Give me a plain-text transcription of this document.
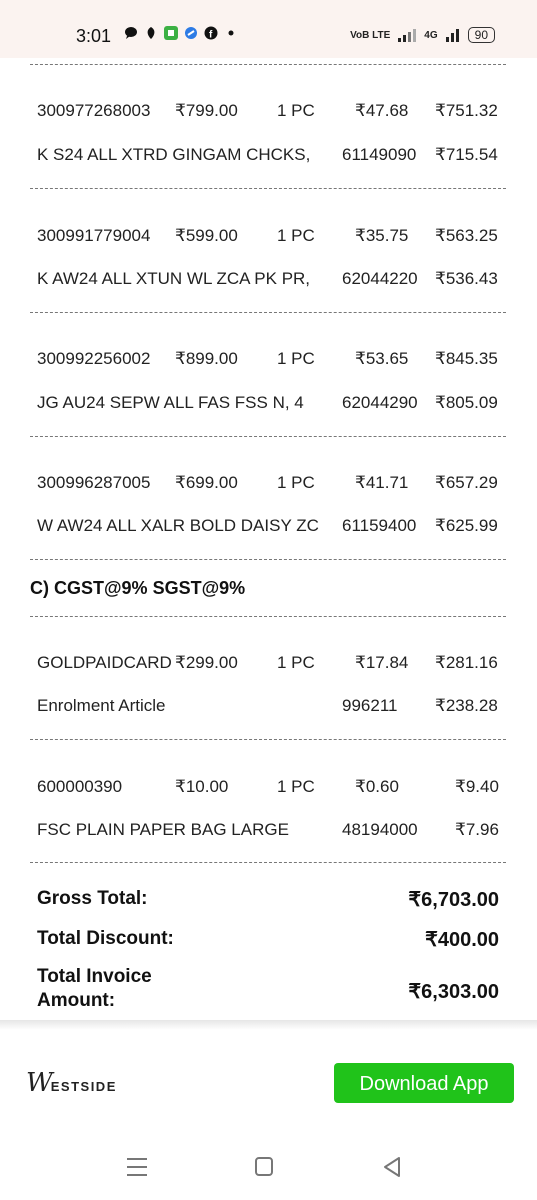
3:01	f	VoB LTE	4G	90
300977268003 ₹799.00 1 PC ₹47.68 ₹751.32
K S24 ALL XTRD GINGAM CHCKS, 61149090 ₹715.54
300991779004 ₹599.00 1 PC ₹35.75 ₹563.25
K AW24 ALL XTUN WL ZCA PK PR, 62044220 ₹536.43
300992256002 ₹899.00 1 PC ₹53.65 ₹845.35
JG AU24 SEPW ALL FAS FSS N, 4 62044290 ₹805.09
300996287005 ₹699.00 1 PC ₹41.71 ₹657.29
W AW24 ALL XALR BOLD DAISY ZC 61159400 ₹625.99
C) CGST@9% SGST@9%
GOLDPAIDCARD ₹299.00 1 PC ₹17.84 ₹281.16
Enrolment Article	996211 ₹238.28
600000390	₹10.00	1 PC ₹0.60	₹9.40
FSC PLAIN PAPER BAG LARGE	48194000 ₹7.96
Gross Total:	₹6,703.00
Total Discount:	₹400.00
Total Invoice
Amount:	₹6,303.00
W
ESTSIDE	Download App
